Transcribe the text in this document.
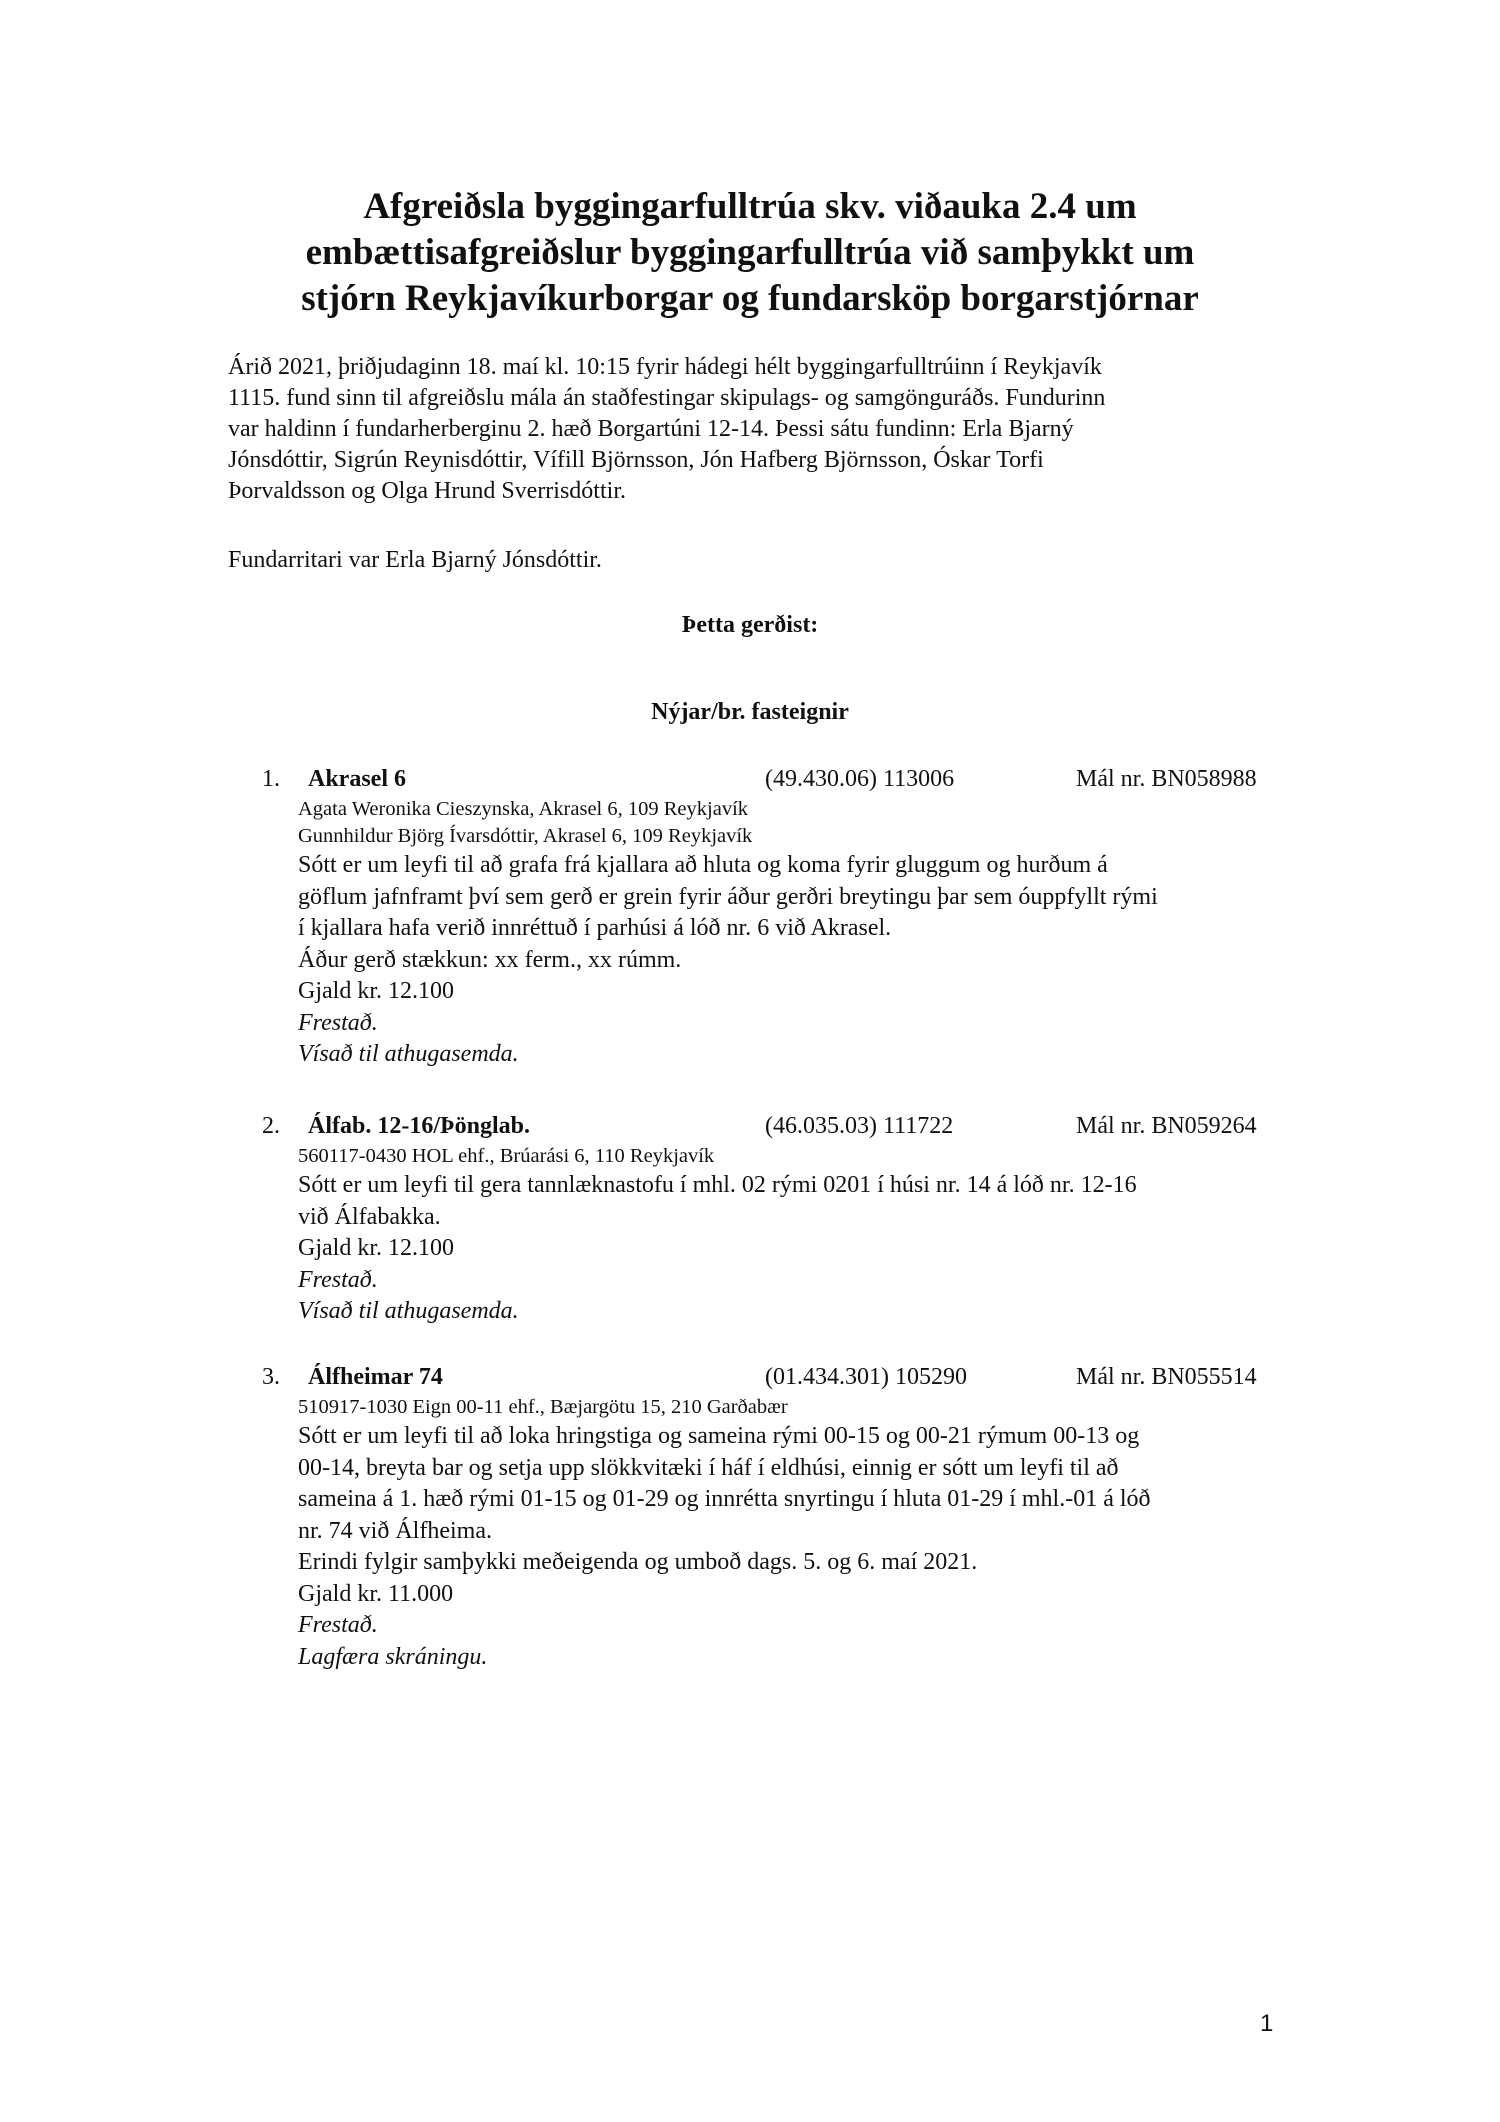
Afgreiðsla byggingarfulltrúa skv. viðauka 2.4 um
embættisafgreiðslur byggingarfulltrúa við samþykkt um
stjórn Reykjavíkurborgar og fundarsköp borgarstjórnar
Árið 2021, þriðjudaginn 18. maí kl. 10:15 fyrir hádegi hélt byggingarfulltrúinn í Reykjavík
1115. fund sinn til afgreiðslu mála án staðfestingar skipulags- og samgönguráðs. Fundurinn
var haldinn í fundarherberginu 2. hæð Borgartúni 12-14. Þessi sátu fundinn: Erla Bjarný
Jónsdóttir, Sigrún Reynisdóttir, Vífill Björnsson, Jón Hafberg Björnsson, Óskar Torfi
Þorvaldsson og Olga Hrund Sverrisdóttir.
Fundarritari var Erla Bjarný Jónsdóttir.
Þetta gerðist:
Nýjar/br. fasteignir
1. Akrasel 6	(49.430.06) 113006	Mál nr. BN058988
Agata Weronika Cieszynska, Akrasel 6, 109 Reykjavík
Gunnhildur Björg Ívarsdóttir, Akrasel 6, 109 Reykjavík
Sótt er um leyfi til að grafa frá kjallara að hluta og koma fyrir gluggum og hurðum á
göflum jafnframt því sem gerð er grein fyrir áður gerðri breytingu þar sem óuppfyllt rými
í kjallara hafa verið innréttuð í parhúsi á lóð nr. 6 við Akrasel.
Áður gerð stækkun: xx ferm., xx rúmm.
Gjald kr. 12.100
Frestað.
Vísað til athugasemda.
2. Álfab. 12-16/Þönglab.	(46.035.03) 111722	Mál nr. BN059264
560117-0430 HOL ehf., Brúarási 6, 110 Reykjavík
Sótt er um leyfi til gera tannlæknastofu í mhl. 02 rými 0201 í húsi nr. 14 á lóð nr. 12-16
við Álfabakka.
Gjald kr. 12.100
Frestað.
Vísað til athugasemda.
3. Álfheimar 74	(01.434.301) 105290	Mál nr. BN055514
510917-1030 Eign 00-11 ehf., Bæjargötu 15, 210 Garðabær
Sótt er um leyfi til að loka hringstiga og sameina rými 00-15 og 00-21 rýmum 00-13 og
00-14, breyta bar og setja upp slökkvitæki í háf í eldhúsi, einnig er sótt um leyfi til að
sameina á 1. hæð rými 01-15 og 01-29 og innrétta snyrtingu í hluta 01-29 í mhl.-01 á lóð
nr. 74 við Álfheima.
Erindi fylgir samþykki meðeigenda og umboð dags. 5. og 6. maí 2021.
Gjald kr. 11.000
Frestað.
Lagfæra skráningu.
1
